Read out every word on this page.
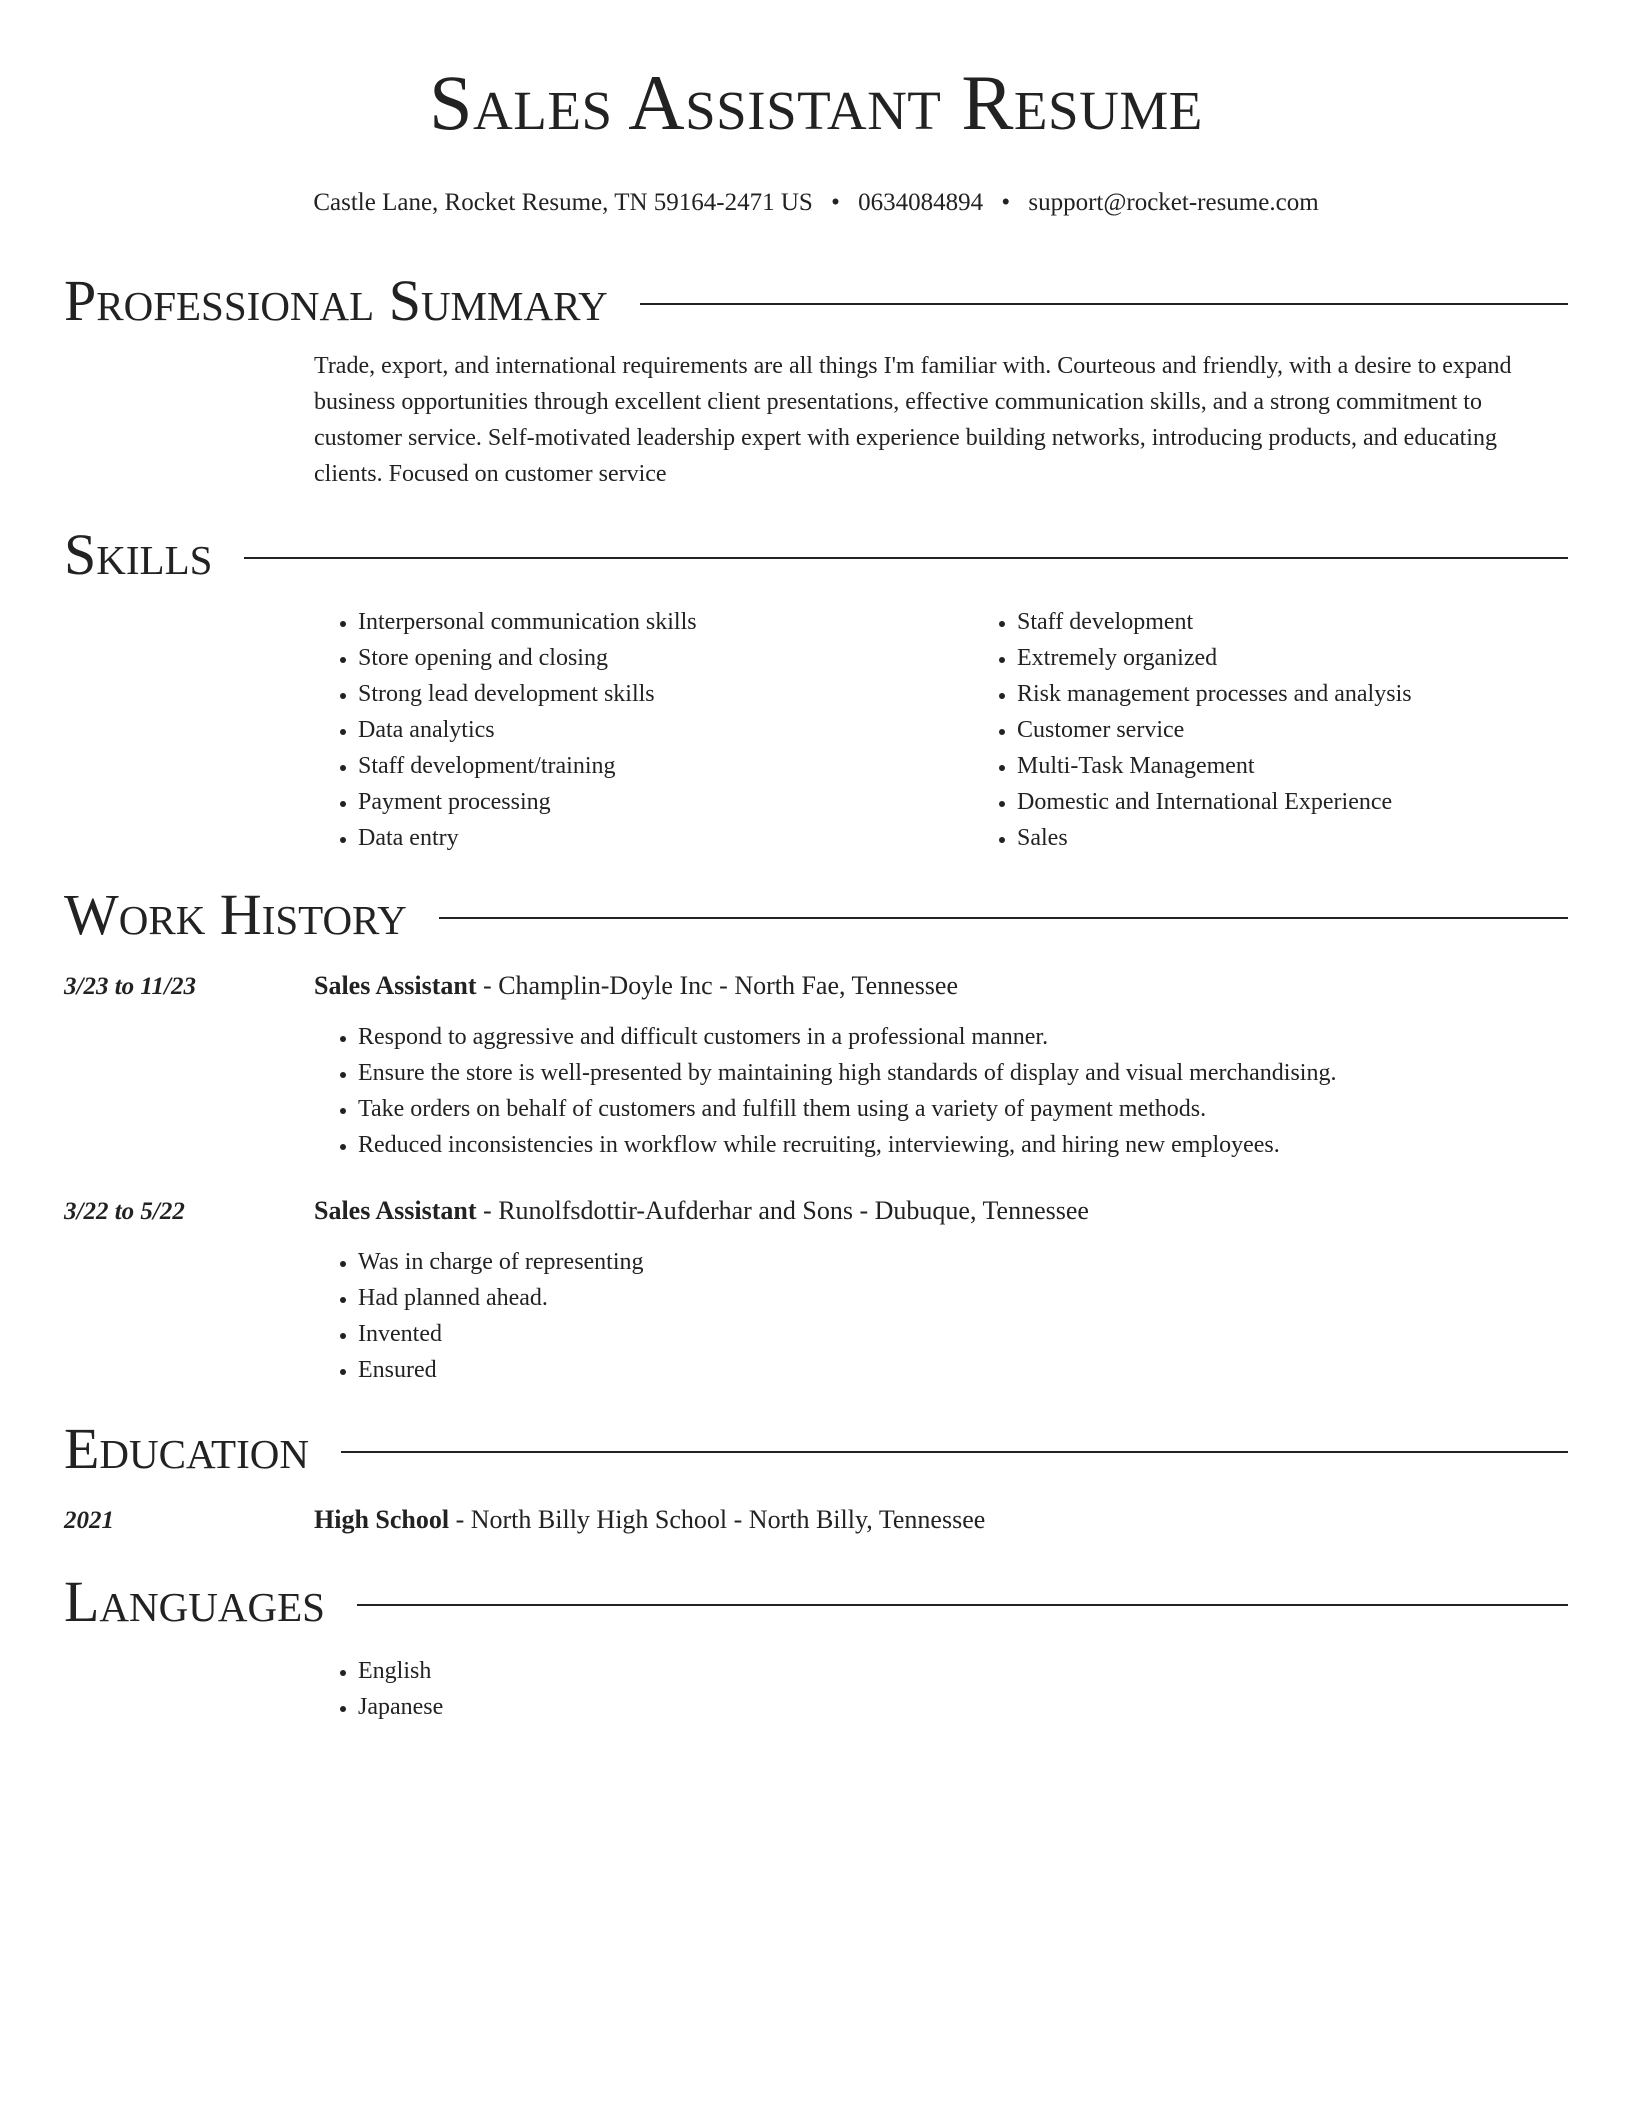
Sales Assistant Resume
Castle Lane, Rocket Resume, TN 59164-2471 US • 0634084894 • support@rocket-resume.com
Professional Summary

Trade, export, and international requirements are all things I'm familiar with. Courteous and friendly, with a desire to expand business opportunities through excellent client presentations, effective communication skills, and a strong commitment to customer service. Self-motivated leadership expert with experience building networks, introducing products, and educating clients. Focused on customer service

Skills
• Interpersonal communication skills
• Store opening and closing
• Strong lead development skills
• Data analytics
• Staff development/training
• Payment processing
• Data entry
• Staff development
• Extremely organized
• Risk management processes and analysis
• Customer service
• Multi-Task Management
• Domestic and International Experience
• Sales
Work History
3/23 to 11/23	Sales Assistant - Champlin-Doyle Inc - North Fae, Tennessee
• Respond to aggressive and difficult customers in a professional manner.
• Ensure the store is well-presented by maintaining high standards of display and visual merchandising.
• Take orders on behalf of customers and fulfill them using a variety of payment methods.
• Reduced inconsistencies in workflow while recruiting, interviewing, and hiring new employees.
3/22 to 5/22	Sales Assistant - Runolfsdottir-Aufderhar and Sons - Dubuque, Tennessee
• Was in charge of representing
• Had planned ahead.
• Invented
• Ensured
Education
2021	High School - North Billy High School - North Billy, Tennessee
Languages
• English
• Japanese
